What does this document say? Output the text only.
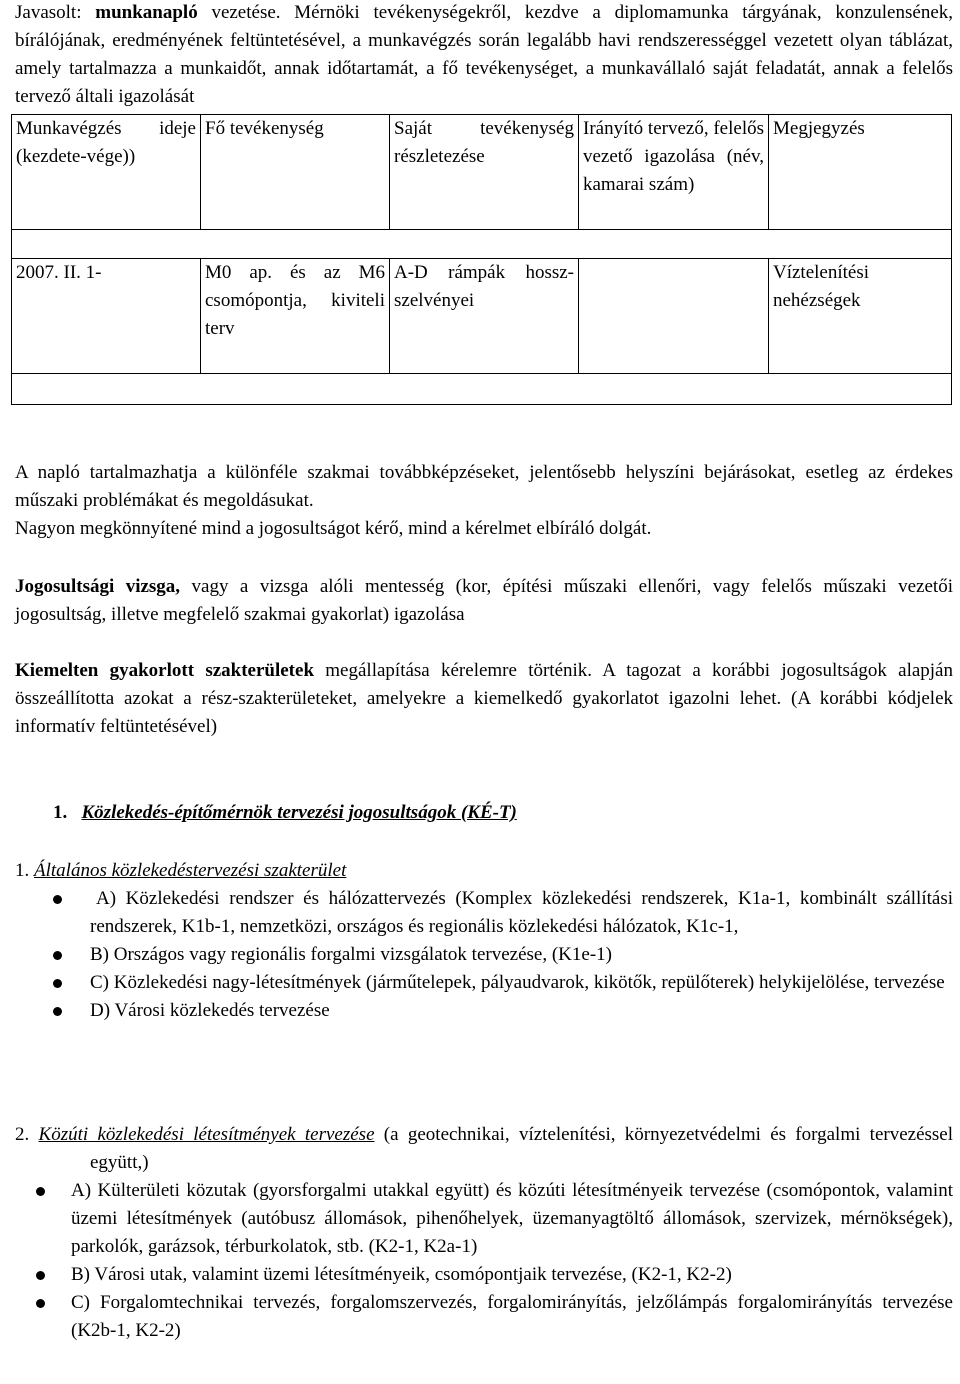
Javasolt: munkanapló vezetése. Mérnöki tevékenységekről, kezdve a diplomamunka tárgyának, konzulensének, bírálójának, eredményének feltüntetésével, a munkavégzés során legalább havi rendszerességgel vezetett olyan táblázat, amely tartalmazza a munkaidőt, annak időtartamát, a fő tevékenységet, a munkavállaló saját feladatát, annak a felelős tervező általi igazolását

Munkavégzés ideje (kezdete-vége))	Fő tevékenység	Saját tevékenység részletezése	Irányító tervező, felelős vezető igazolása (név, kamarai szám)	Megjegyzés

2007. II. 1-	M0 ap. és az M6 csomópontja, kiviteli terv	A-D rámpák hossz-szelvényei		Víztelenítési nehézségek

A napló tartalmazhatja a különféle szakmai továbbképzéseket, jelentősebb helyszíni bejárásokat, esetleg az érdekes műszaki problémákat és megoldásukat.

Nagyon megkönnyítené mind a jogosultságot kérő, mind a kérelmet elbíráló dolgát.

Jogosultsági vizsga, vagy a vizsga alóli mentesség (kor, építési műszaki ellenőri, vagy felelős műszaki vezetői jogosultság, illetve megfelelő szakmai gyakorlat) igazolása

Kiemelten gyakorlott szakterületek megállapítása kérelemre történik. A tagozat a korábbi jogosultságok alapján összeállította azokat a rész-szakterületeket, amelyekre a kiemelkedő gyakorlatot igazolni lehet. (A korábbi kódjelek informatív feltüntetésével)

1. Közlekedés-építőmérnök tervezési jogosultságok (KÉ-T)

1. Általános közlekedéstervezési szakterület

A) Közlekedési rendszer és hálózattervezés (Komplex közlekedési rendszerek, K1a-1, kombinált szállítási rendszerek, K1b-1, nemzetközi, országos és regionális közlekedési hálózatok, K1c-1,
B) Országos vagy regionális forgalmi vizsgálatok tervezése, (K1e-1)
C) Közlekedési nagy-létesítmények (járműtelepek, pályaudvarok, kikötők, repülőterek) helykijelölése, tervezése
D) Városi közlekedés tervezése

2. Közúti közlekedési létesítmények tervezése (a geotechnikai, víztelenítési, környezetvédelmi és forgalmi tervezéssel együtt,)

A) Külterületi közutak (gyorsforgalmi utakkal együtt) és közúti létesítményeik tervezése (csomópontok, valamint üzemi létesítmények (autóbusz állomások, pihenőhelyek, üzemanyagtöltő állomások, szervizek, mérnökségek), parkolók, garázsok, térburkolatok, stb. (K2-1, K2a-1)
B) Városi utak, valamint üzemi létesítményeik, csomópontjaik tervezése, (K2-1, K2-2)
C) Forgalomtechnikai tervezés, forgalomszervezés, forgalomirányítás, jelzőlámpás forgalomirányítás tervezése (K2b-1, K2-2)
